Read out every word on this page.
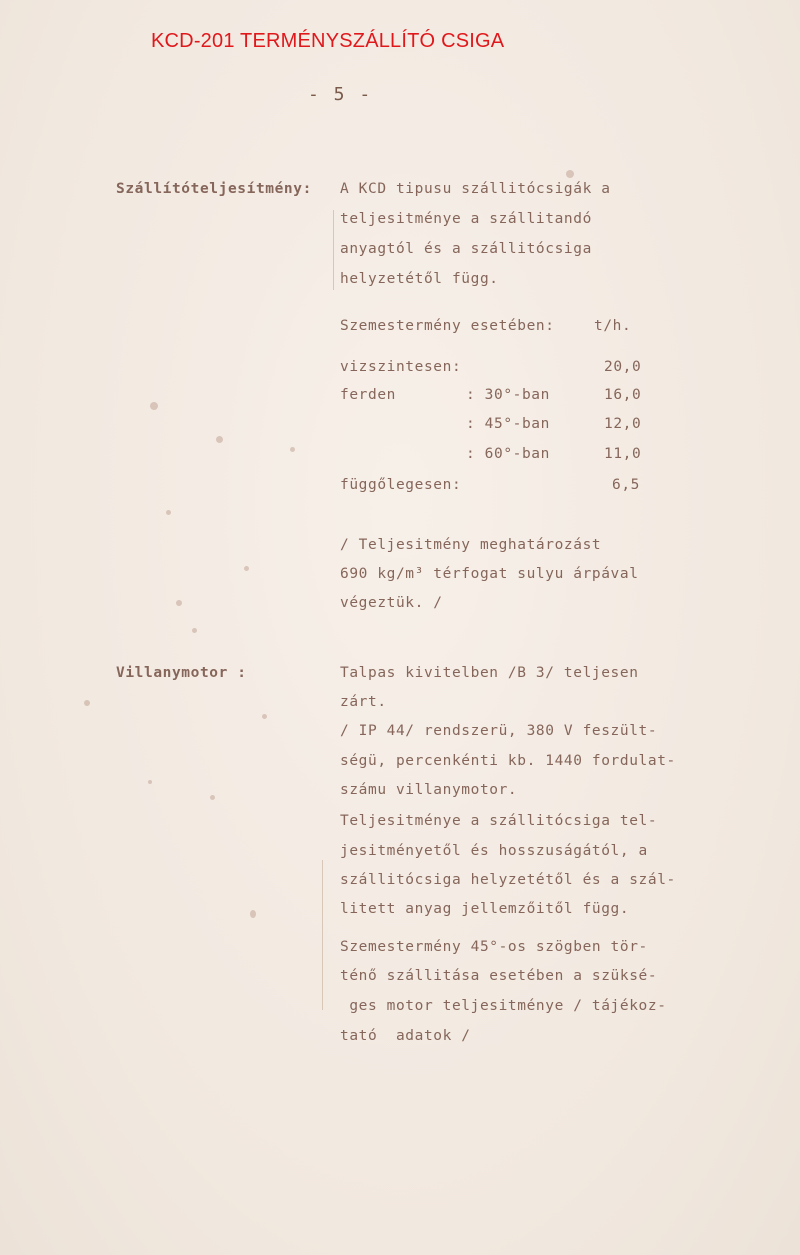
KCD-201 TERMÉNYSZÁLLÍTÓ CSIGA
- 5 -
Szállítóteljesítmény: A KCD tipusu szállitócsigák a
teljesitménye a szállitandó
anyagtól és a szállitócsiga
helyzetétől függ.
Szemestermény esetében:	t/h.
vizszintesen:	20,0
ferden	: 30°-ban	16,0
: 45°-ban	12,0
: 60°-ban	11,0
függőlegesen:	6,5
/ Teljesitmény meghatározást
690 kg/m³ térfogat sulyu árpával
végeztük. /
Villanymotor :	Talpas kivitelben /B 3/ teljesen
zárt.
/ IP 44/ rendszerü, 380 V feszült-
ségü, percenkénti kb. 1440 fordulat-
számu villanymotor.
Teljesitménye a szállitócsiga tel-
jesitményetől és hosszuságától, a
szállitócsiga helyzetétől és a szál-
litett anyag jellemzőitől függ.
Szemestermény 45°-os szögben tör-
ténő szállitása esetében a szüksé-
ges motor teljesitménye / tájékoz-
tató  adatok /
